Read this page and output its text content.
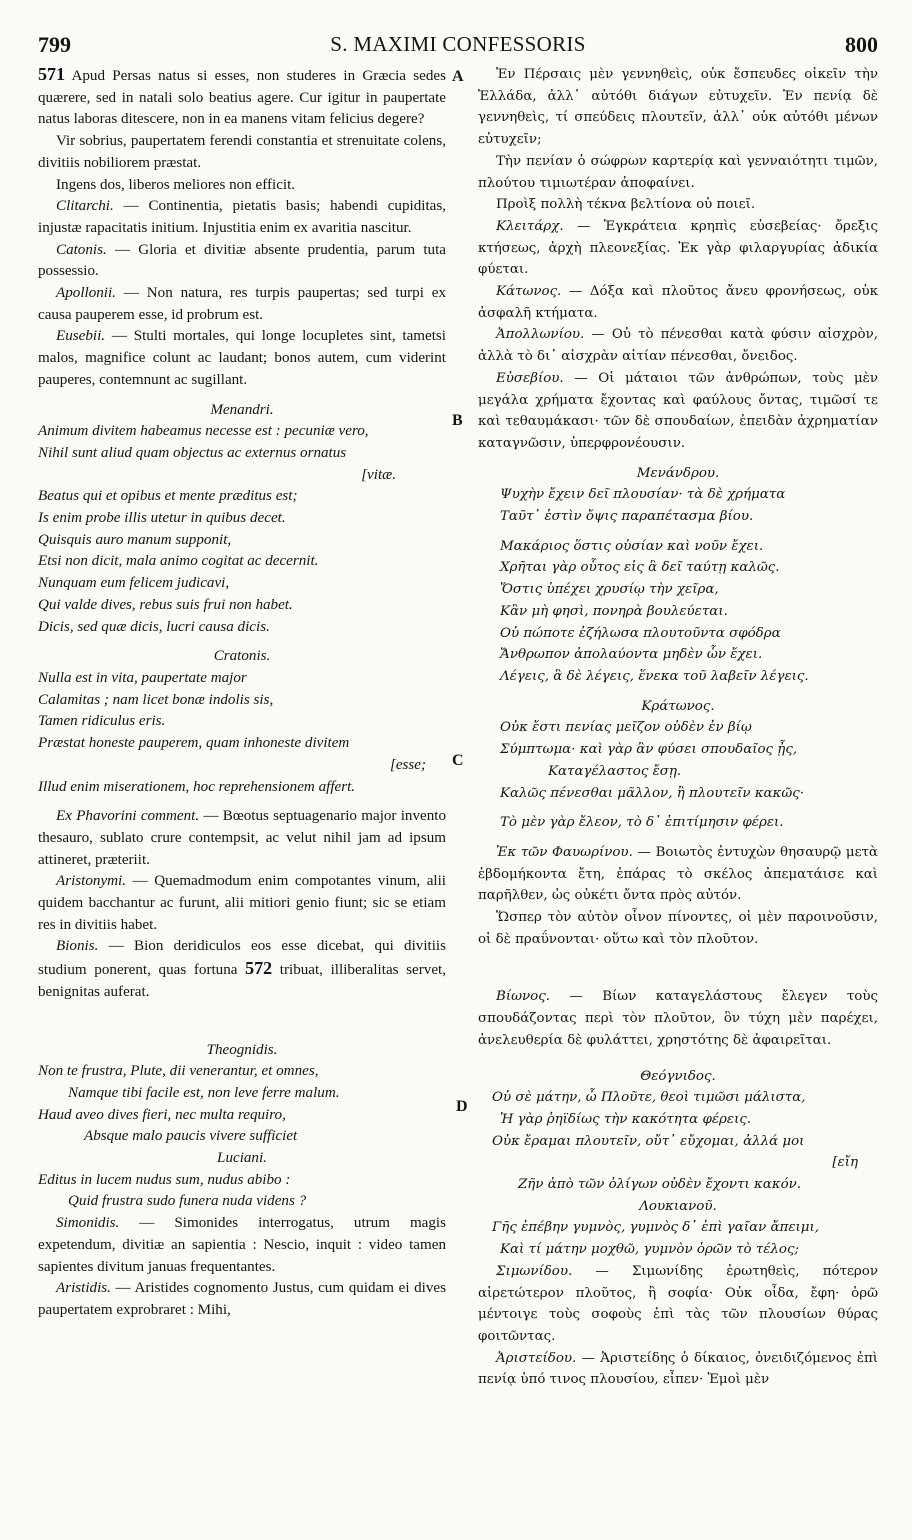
799	S. MAXIMI CONFESSORIS	800
A
B
C
D

571 Apud Persas natus si esses, non studeres in Græcia sedes quærere, sed in natali solo beatius agere. Cur igitur in paupertate natus laboras ditescere, non in ea manens vitam felicius degere?

Vir sobrius, paupertatem ferendi constantia et strenuitate colens, divitiis nobiliorem præstat.

Ingens dos, liberos meliores non efficit.

Clitarchi. — Continentia, pietatis basis; habendi cupiditas, injustæ rapacitatis initium. Injustitia enim ex avaritia nascitur.

Catonis. — Gloria et divitiæ absente prudentia, parum tuta possessio.

Apollonii. — Non natura, res turpis paupertas; sed turpi ex causa pauperem esse, id probrum est.

Eusebii. — Stulti mortales, qui longe locupletes sint, tametsi malos, magnifice colunt ac laudant; bonos autem, cum viderint pauperes, contemnunt ac sugillant.

Menandri.

Animum divitem habeamus necesse est : pecuniæ vero,

Nihil sunt aliud quam objectus ac externus ornatus

[vitæ.

Beatus qui et opibus et mente præditus est;

Is enim probe illis utetur in quibus decet.

Quisquis auro manum supponit,

Etsi non dicit, mala animo cogitat ac decernit.

Nunquam eum felicem judicavi,

Qui valde dives, rebus suis frui non habet.

Dicis, sed quæ dicis, lucri causa dicis.

Cratonis.

Nulla est in vita, paupertate major

Calamitas ; nam licet bonæ indolis sis,

Tamen ridiculus eris.

Præstat honeste pauperem, quam inhoneste divitem

[esse;

Illud enim miserationem, hoc reprehensionem affert.

Ex Phavorini comment. — Bœotus septuagenario major invento thesauro, sublato crure contempsit, ac velut nihil jam ad ipsum attineret, præteriit.

Aristonymi. — Quemadmodum enim compotantes vinum, alii quidem bacchantur ac furunt, alii mitiori genio fiunt; sic se etiam res in divitiis habet.

Bionis. — Bion deridiculos eos esse dicebat, qui divitiis studium ponerent, quas fortuna 572 tribuat, illiberalitas servet, benignitas auferat.

Theognidis.

Non te frustra, Plute, dii venerantur, et omnes,

Namque tibi facile est, non leve ferre malum.

Haud aveo dives fieri, nec multa requiro,

Absque malo paucis vivere sufficiet

Luciani.

Editus in lucem nudus sum, nudus abibo :

Quid frustra sudo funera nuda videns ?

Simonidis. — Simonides interrogatus, utrum magis expetendum, divitiæ an sapientia : Nescio, inquit : video tamen sapientes divitum januas frequentantes.

Aristidis. — Aristides cognomento Justus, cum quidam ei dives paupertatem exprobraret : Mihi,

Ἐν Πέρσαις μὲν γεννηθεὶς, οὐκ ἔσπευδες οἰκεῖν τὴν Ἑλλάδα, ἀλλ᾽ αὐτόθι διάγων εὐτυχεῖν. Ἐν πενίᾳ δὲ γεννηθεὶς, τί σπεύδεις πλουτεῖν, ἀλλ᾽ οὐκ αὐτόθι μένων εὐτυχεῖν;

Τὴν πενίαν ὁ σώφρων καρτερίᾳ καὶ γενναιότητι τιμῶν, πλούτου τιμιωτέραν ἀποφαίνει.

Προὶξ πολλὴ τέκνα βελτίονα οὐ ποιεῖ.

Κλειτάρχ. — Ἐγκράτεια κρηπὶς εὐσεβείας· ὄρεξις κτήσεως, ἀρχὴ πλεονεξίας. Ἐκ γὰρ φιλαργυρίας ἀδικία φύεται.

Κάτωνος. — Δόξα καὶ πλοῦτος ἄνευ φρονήσεως, οὐκ ἀσφαλῆ κτήματα.

Ἀπολλωνίου. — Οὐ τὸ πένεσθαι κατὰ φύσιν αἰσχρὸν, ἀλλὰ τὸ δι᾽ αἰσχρὰν αἰτίαν πένεσθαι, ὄνειδος.

Εὐσεβίου. — Οἱ μάταιοι τῶν ἀνθρώπων, τοὺς μὲν μεγάλα χρήματα ἔχοντας καὶ φαύλους ὄντας, τιμῶσί τε καὶ τεθαυμάκασι· τῶν δὲ σπουδαίων, ἐπειδὰν ἀχρηματίαν καταγνῶσιν, ὑπερφρονέουσιν.

Μενάνδρου.

Ψυχὴν ἔχειν δεῖ πλουσίαν· τὰ δὲ χρήματα

Ταῦτ᾽ ἐστὶν ὄψις παραπέτασμα βίου.

Μακάριος ὅστις οὐσίαν καὶ νοῦν ἔχει.

Χρῆται γὰρ οὗτος εἰς ἃ δεῖ ταύτῃ καλῶς.

Ὅστις ὑπέχει χρυσίῳ τὴν χεῖρα,

Κἂν μὴ φησὶ, πονηρὰ βουλεύεται.

Οὐ πώποτε ἐζήλωσα πλουτοῦντα σφόδρα

Ἄνθρωπον ἀπολαύοντα μηδὲν ὧν ἔχει.

Λέγεις, ἃ δὲ λέγεις, ἕνεκα τοῦ λαβεῖν λέγεις.

Κράτωνος.

Οὐκ ἔστι πενίας μεῖζον οὐδὲν ἐν βίῳ

Σύμπτωμα· καὶ γὰρ ἂν φύσει σπουδαῖος ᾖς,

Καταγέλαστος ἔσῃ.

Καλῶς πένεσθαι μᾶλλον, ἢ πλουτεῖν κακῶς·

Τὸ μὲν γὰρ ἔλεον, τὸ δ᾽ ἐπιτίμησιν φέρει.

Ἐκ τῶν Φαυωρίνου. — Βοιωτὸς ἐντυχὼν θησαυρῷ μετὰ ἑβδομήκοντα ἔτη, ἐπάρας τὸ σκέλος ἀπεματάισε καὶ παρῆλθεν, ὡς οὐκέτι ὄντα πρὸς αὐτόν.

Ὥσπερ τὸν αὐτὸν οἶνον πίνοντες, οἱ μὲν παροινοῦσιν, οἱ δὲ πραΰνονται· οὕτω καὶ τὸν πλοῦτον.

Βίωνος. — Βίων καταγελάστους ἔλεγεν τοὺς σπουδάζοντας περὶ τὸν πλοῦτον, ὃν τύχη μὲν παρέχει, ἀνελευθερία δὲ φυλάττει, χρηστότης δὲ ἀφαιρεῖται.

Θεόγνιδος.

Οὐ σὲ μάτην, ὦ Πλοῦτε, θεοὶ τιμῶσι μάλιστα,

Ἡ γὰρ ῥηϊδίως τὴν κακότητα φέρεις.

Οὐκ ἔραμαι πλουτεῖν, οὔτ᾽ εὔχομαι, ἀλλά μοι

[εἴη

Ζῆν ἀπὸ τῶν ὀλίγων οὐδὲν ἔχοντι κακόν.

Λουκιανοῦ.

Γῆς ἐπέβην γυμνὸς, γυμνὸς δ᾽ ἐπὶ γαῖαν ἄπειμι,

Καὶ τί μάτην μοχθῶ, γυμνὸν ὁρῶν τὸ τέλος;

Σιμωνίδου. — Σιμωνίδης ἐρωτηθεὶς, πότερον αἱρετώτερον πλοῦτος, ἢ σοφία· Οὐκ οἶδα, ἔφη· ὁρῶ μέντοιγε τοὺς σοφοὺς ἐπὶ τὰς τῶν πλουσίων θύρας φοιτῶντας.

Ἀριστείδου. — Ἀριστείδης ὁ δίκαιος, ὀνειδιζόμενος ἐπὶ πενίᾳ ὑπό τινος πλουσίου, εἶπεν· Ἐμοὶ μὲν
